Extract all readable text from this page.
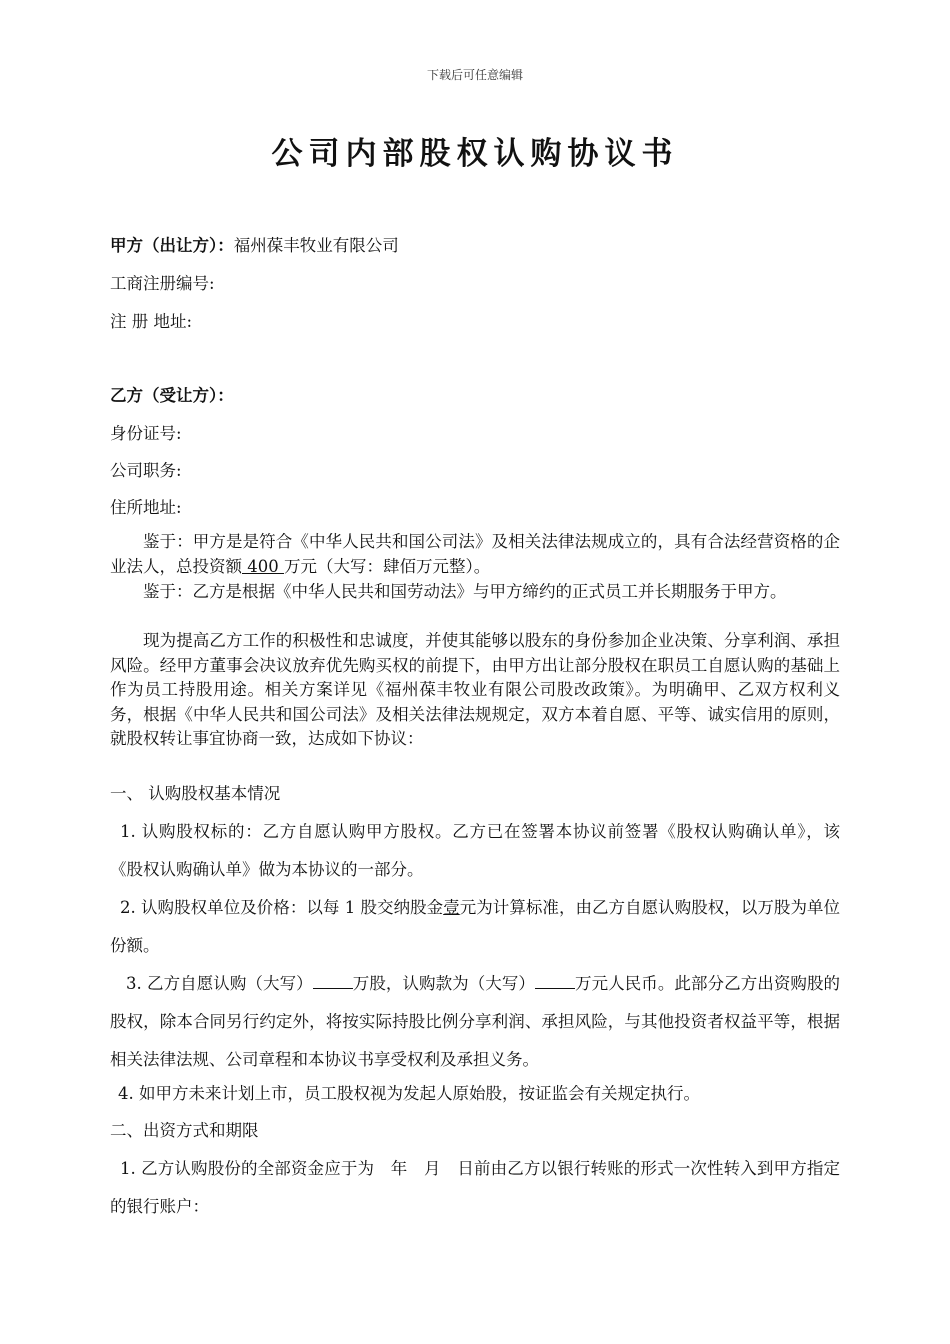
下载后可任意编辑
公司内部股权认购协议书
甲方（出让方）：福州葆丰牧业有限公司
工商注册编号:
注 册 地址:
乙方（受让方）：
身份证号:
公司职务:
住所地址:

鉴于：甲方是是符合《中华人民共和国公司法》及相关法律法规成立的，具有合法经营资格的企业法人，总投资额 400 万元（大写：肆佰万元整）。

鉴于：乙方是根据《中华人民共和国劳动法》与甲方缔约的正式员工并长期服务于甲方。

现为提高乙方工作的积极性和忠诚度，并使其能够以股东的身份参加企业决策、分享利润、承担风险。经甲方董事会决议放弃优先购买权的前提下，由甲方出让部分股权在职员工自愿认购的基础上作为员工持股用途。相关方案详见《福州葆丰牧业有限公司股改政策》。为明确甲、乙双方权利义务，根据《中华人民共和国公司法》及相关法律法规规定，双方本着自愿、平等、诚实信用的原则，就股权转让事宜协商一致，达成如下协议：

一、 认购股权基本情况

1. 认购股权标的：乙方自愿认购甲方股权。乙方已在签署本协议前签署《股权认购确认单》，该《股权认购确认单》做为本协议的一部分。

2. 认购股权单位及价格：以每 1 股交纳股金壹元为计算标准，由乙方自愿认购股权，以万股为单位份额。

3. 乙方自愿认购（大写） 万股，认购款为（大写） 万元人民币。此部分乙方出资购股的股权，除本合同另行约定外，将按实际持股比例分享利润、承担风险，与其他投资者权益平等，根据相关法律法规、公司章程和本协议书享受权利及承担义务。

4. 如甲方未来计划上市，员工股权视为发起人原始股，按证监会有关规定执行。

二、出资方式和期限

1. 乙方认购股份的全部资金应于为　年　月　日前由乙方以银行转账的形式一次性转入到甲方指定的银行账户：
